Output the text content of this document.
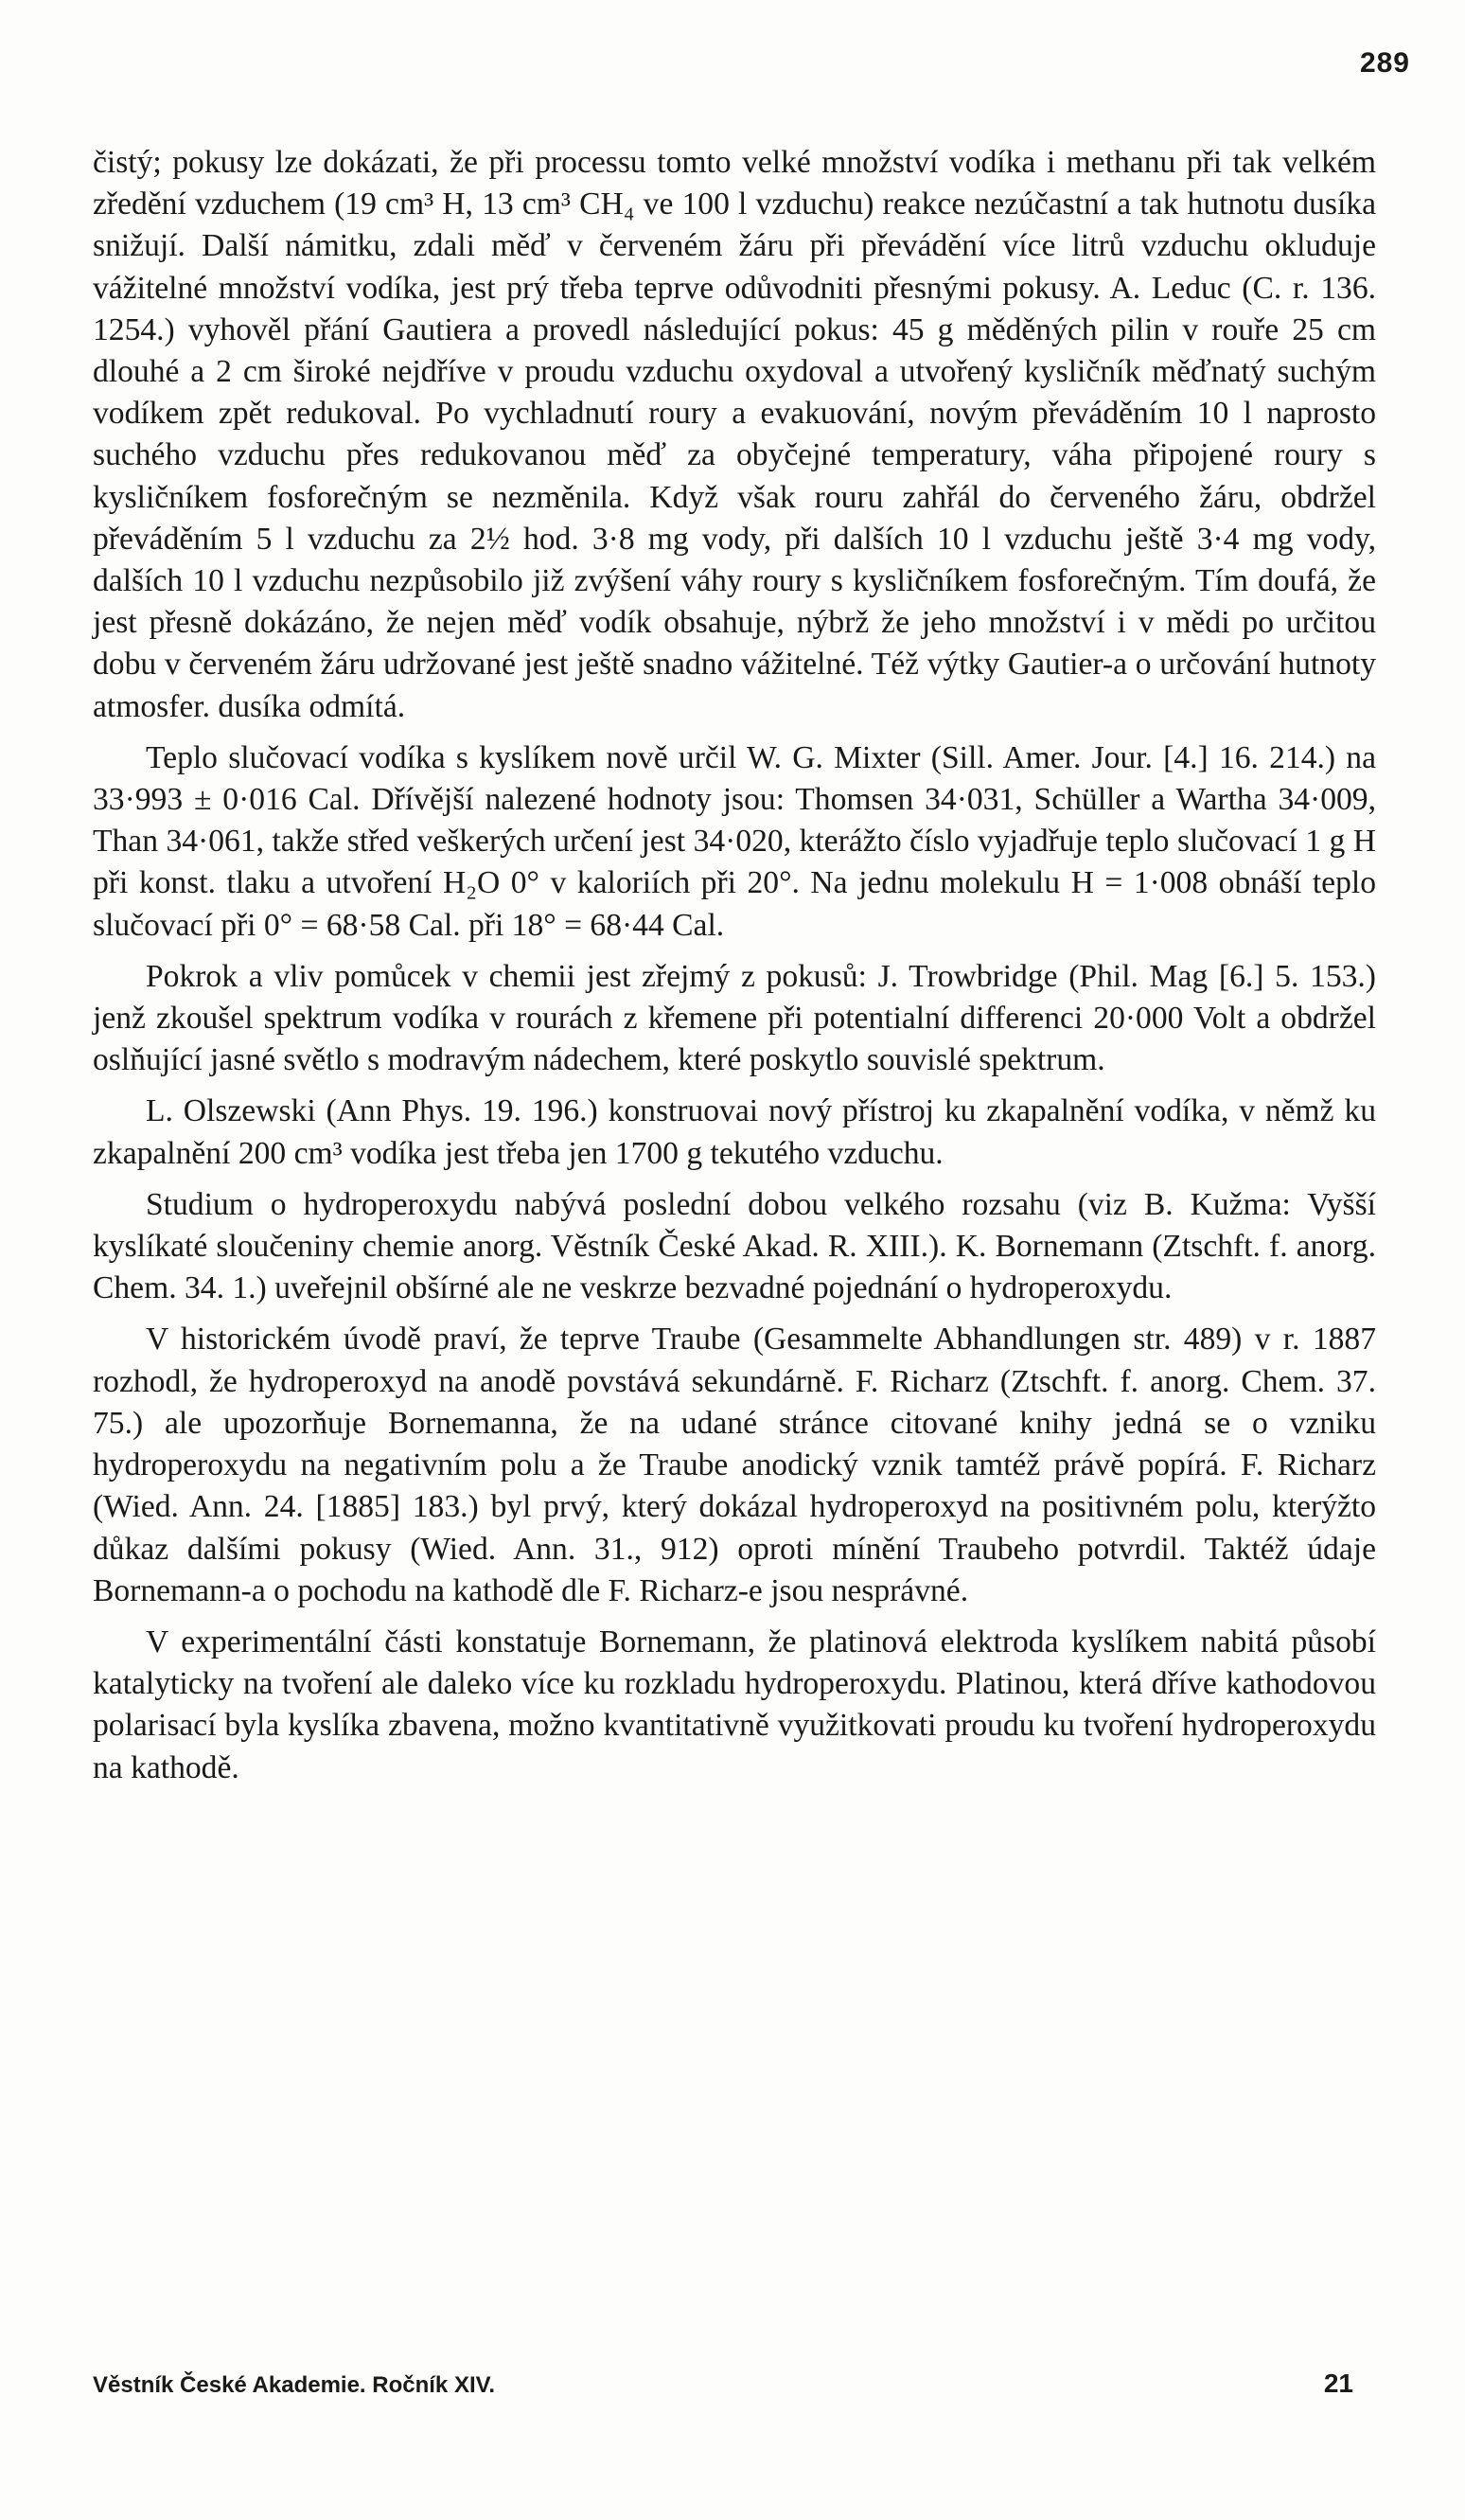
289

čistý; pokusy lze dokázati, že při processu tomto velké množství vodíka i methanu při tak velkém zředění vzduchem (19 cm³ H, 13 cm³ CH₄ ve 100 l vzduchu) reakce nezúčastní a tak hutnotu dusíka snižují. Další námitku, zdali měď v červeném žáru při převádění více litrů vzduchu okluduje vážitelné množství vodíka, jest prý třeba teprve odůvodniti přesnými pokusy. A. Leduc (C. r. 136. 1254.) vyhověl přání Gautiera a provedl následující pokus: 45 g měděných pilin v rouře 25 cm dlouhé a 2 cm široké nejdříve v proudu vzduchu oxydoval a utvořený kysličník měďnatý suchým vodíkem zpět redukoval. Po vychladnutí roury a evakuování, novým převáděním 10 l naprosto suchého vzduchu přes redukovanou měď za obyčejné temperatury, váha připojené roury s kysličníkem fosforečným se nezměnila. Když však rouru zahřál do červeného žáru, obdržel převáděním 5 l vzduchu za 2½ hod. 3·8 mg vody, při dalších 10 l vzduchu ještě 3·4 mg vody, dalších 10 l vzduchu nezpůsobilo již zvýšení váhy roury s kysličníkem fosforečným. Tím doufá, že jest přesně dokázáno, že nejen měď vodík obsahuje, nýbrž že jeho množství i v mědi po určitou dobu v červeném žáru udržované jest ještě snadno vážitelné. Též výtky Gautier-a o určování hutnoty atmosfer. dusíka odmítá.

Teplo slučovací vodíka s kyslíkem nově určil W. G. Mixter (Sill. Amer. Jour. [4.] 16. 214.) na 33·993 ± 0·016 Cal. Dřívější nalezené hodnoty jsou: Thomsen 34·031, Schüller a Wartha 34·009, Than 34·061, takže střed veškerých určení jest 34·020, kterážto číslo vyjadřuje teplo slučovací 1 g H při konst. tlaku a utvoření H₂O 0° v kaloriích při 20°. Na jednu molekulu H = 1·008 obnáší teplo slučovací při 0° = 68·58 Cal. při 18° = 68·44 Cal.

Pokrok a vliv pomůcek v chemii jest zřejmý z pokusů: J. Trowbridge (Phil. Mag [6.] 5. 153.) jenž zkoušel spektrum vodíka v rourách z křemene při potentialní differenci 20·000 Volt a obdržel oslňující jasné světlo s modravým nádechem, které poskytlo souvislé spektrum.

L. Olszewski (Ann Phys. 19. 196.) konstruovai nový přístroj ku zkapalnění vodíka, v němž ku zkapalnění 200 cm³ vodíka jest třeba jen 1700 g tekutého vzduchu.

Studium o hydroperoxydu nabývá poslední dobou velkého rozsahu (viz B. Kužma: Vyšší kyslíkaté sloučeniny chemie anorg. Věstník České Akad. R. XIII.). K. Bornemann (Ztschft. f. anorg. Chem. 34. 1.) uveřejnil obšírné ale ne veskrze bezvadné pojednání o hydroperoxydu.

V historickém úvodě praví, že teprve Traube (Gesammelte Abhandlungen str. 489) v r. 1887 rozhodl, že hydroperoxyd na anodě povstává sekundárně. F. Richarz (Ztschft. f. anorg. Chem. 37. 75.) ale upozorňuje Bornemanna, že na udané stránce citované knihy jedná se o vzniku hydroperoxydu na negativním polu a že Traube anodický vznik tamtéž právě popírá. F. Richarz (Wied. Ann. 24. [1885] 183.) byl prvý, který dokázal hydroperoxyd na positivném polu, kterýžto důkaz dalšími pokusy (Wied. Ann. 31., 912) oproti mínění Traubeho potvrdil. Taktéž údaje Bornemann-a o pochodu na kathodě dle F. Richarz-e jsou nesprávné.

V experimentální části konstatuje Bornemann, že platinová elektroda kyslíkem nabitá působí katalyticky na tvoření ale daleko více ku rozkladu hydroperoxydu. Platinou, která dříve kathodovou polarisací byla kyslíka zbavena, možno kvantitativně využitkovati proudu ku tvoření hydroperoxydu na kathodě.

Věstník České Akademie. Ročník XIV.	21
